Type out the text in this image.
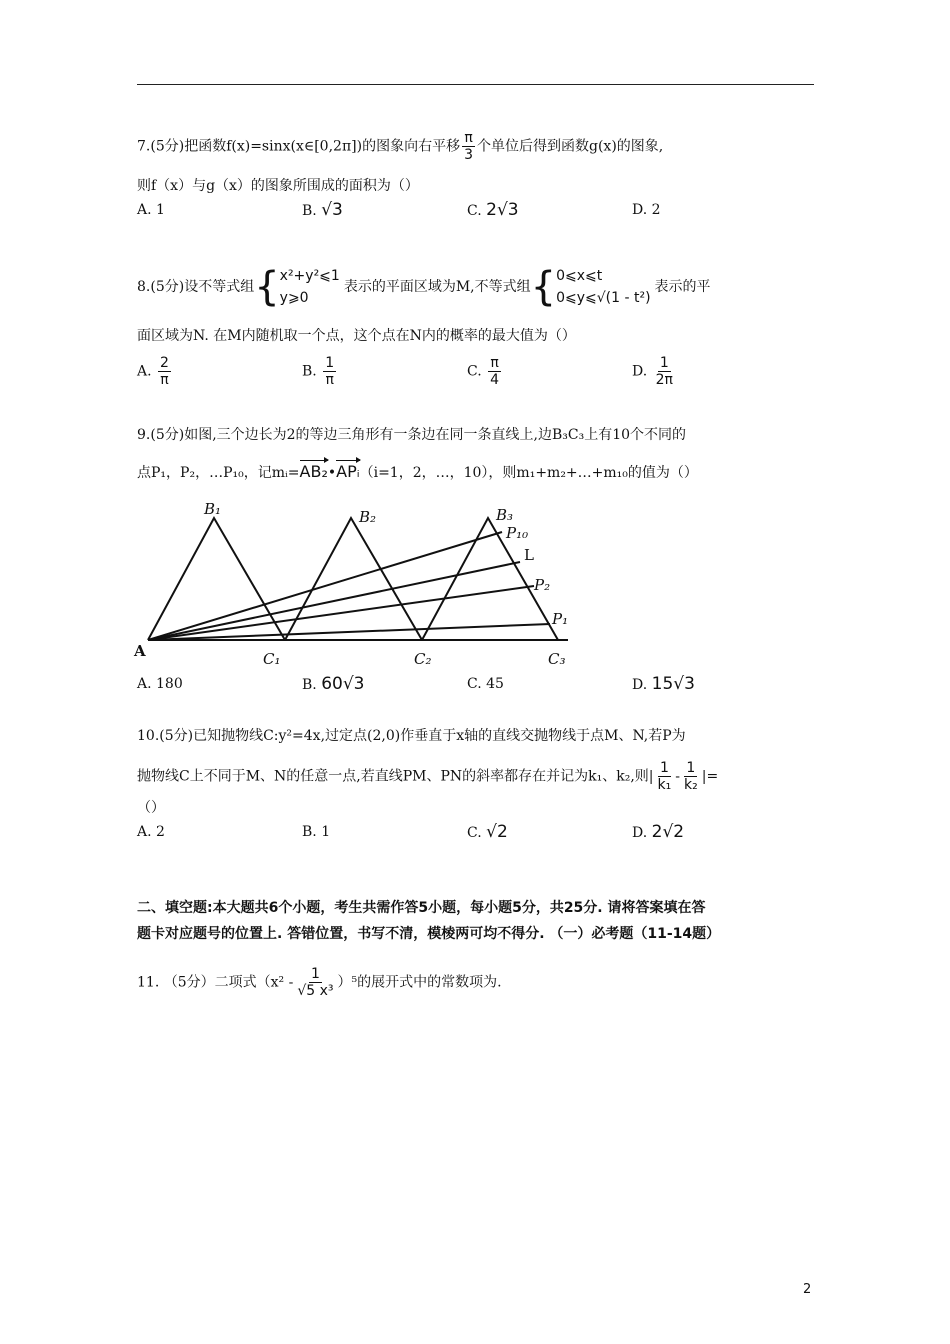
7.(5分)把函数f(x)=sinx(x∈[0,2π])的图象向右平移 $\frac{\pi}{3}$ 个单位后得到函数g(x)的图象,
则f（x）与g（x）的图象所围成的面积为（）
A. 1	B. √3	C. 2√3	D. 2
8.(5分)设不等式组{ x²+y²⩽1
y⩾0
表示的平面区域为M,不等式组{ 0⩽x⩽t
0⩽y⩽√(1 - t²)
表示的平
面区域为N. 在M内随机取一个点，这个点在N内的概率的最大值为（）
A. $\frac{2}{\pi}$	B. $\frac{1}{\pi}$	C. $\frac{\pi}{4}$	D. $\frac{1}{2\pi}$
9.(5分)如图,三个边长为2的等边三角形有一条边在同一条直线上,边B₃C₃上有10个不同的
点P₁，P₂，…P₁₀，记mᵢ=AB₂•APᵢ（i=1，2，…，10），则m₁+m₂+…+m₁₀的值为（）
A
B₁	B₂	B₃
C₁	C₂	C₃
P₁₀
L
P₂
P₁
A. 180	B. 60√3	C. 45	D. 15√3
10.(5分)已知抛物线C:y²=4x,过定点(2,0)作垂直于x轴的直线交抛物线于点M、N,若P为
抛物线C上不同于M、N的任意一点,若直线PM、PN的斜率都存在并记为k₁、k₂,则| $\frac{1}{\text{k₁}} - \frac{1}{\text{k₂}}$ |=
（）
A. 2	B. 1	C. √2	D. 2√2
二、填空题:本大题共6个小题，考生共需作答5小题，每小题5分，共25分. 请将答案填在答
题卡对应题号的位置上. 答错位置，书写不清，模棱两可均不得分. （一）必考题（11-14题）
11. （5分）二项式$(x^2 - \frac{1}{\text{√5 x³}} )^5$的展开式中的常数项为.
2
